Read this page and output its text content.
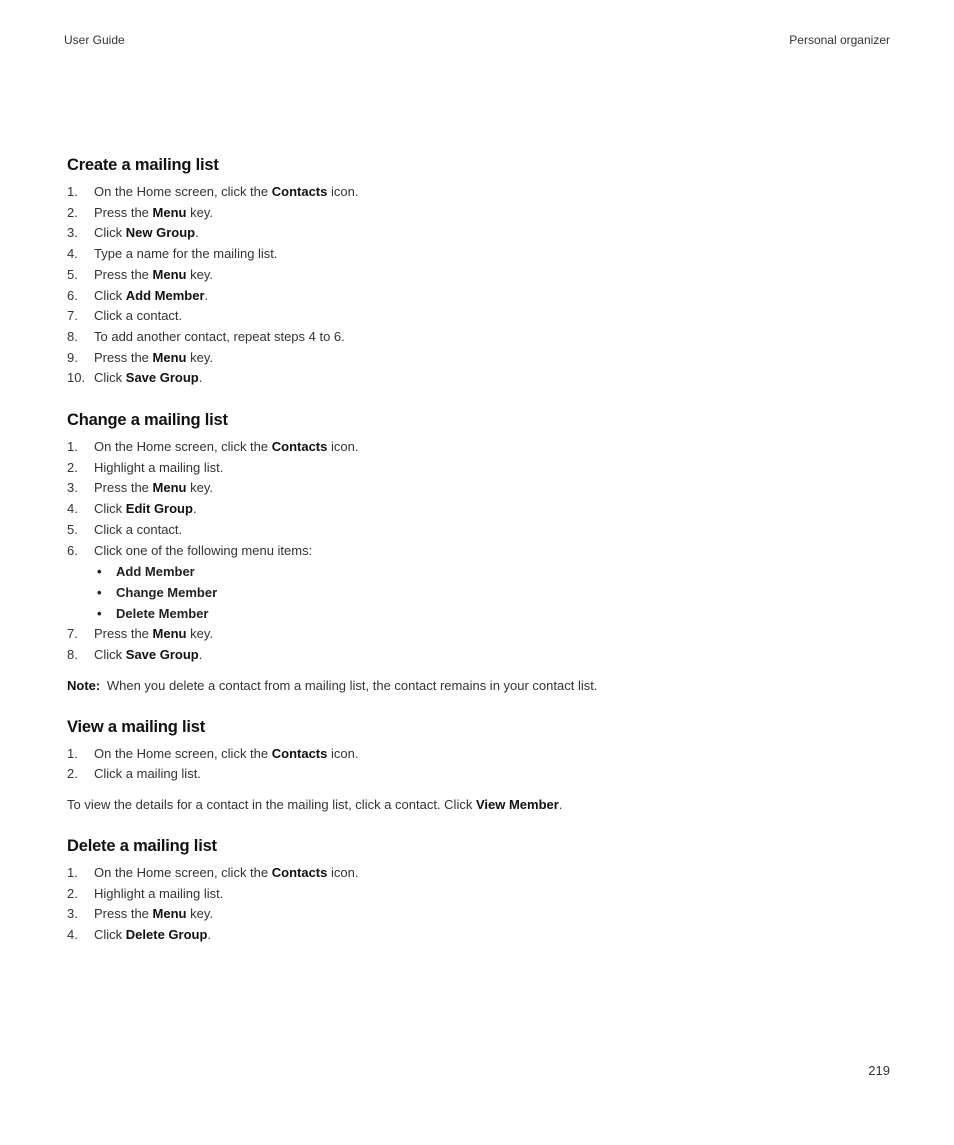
User Guide	Personal organizer
Create a mailing list
1. On the Home screen, click the Contacts icon.
2. Press the Menu key.
3. Click New Group.
4. Type a name for the mailing list.
5. Press the Menu key.
6. Click Add Member.
7. Click a contact.
8. To add another contact, repeat steps 4 to 6.
9. Press the Menu key.
10. Click Save Group.
Change a mailing list
1. On the Home screen, click the Contacts icon.
2. Highlight a mailing list.
3. Press the Menu key.
4. Click Edit Group.
5. Click a contact.
6. Click one of the following menu items:
• Add Member
• Change Member
• Delete Member
7. Press the Menu key.
8. Click Save Group.
Note: When you delete a contact from a mailing list, the contact remains in your contact list.
View a mailing list
1. On the Home screen, click the Contacts icon.
2. Click a mailing list.
To view the details for a contact in the mailing list, click a contact. Click View Member.
Delete a mailing list
1. On the Home screen, click the Contacts icon.
2. Highlight a mailing list.
3. Press the Menu key.
4. Click Delete Group.
219
